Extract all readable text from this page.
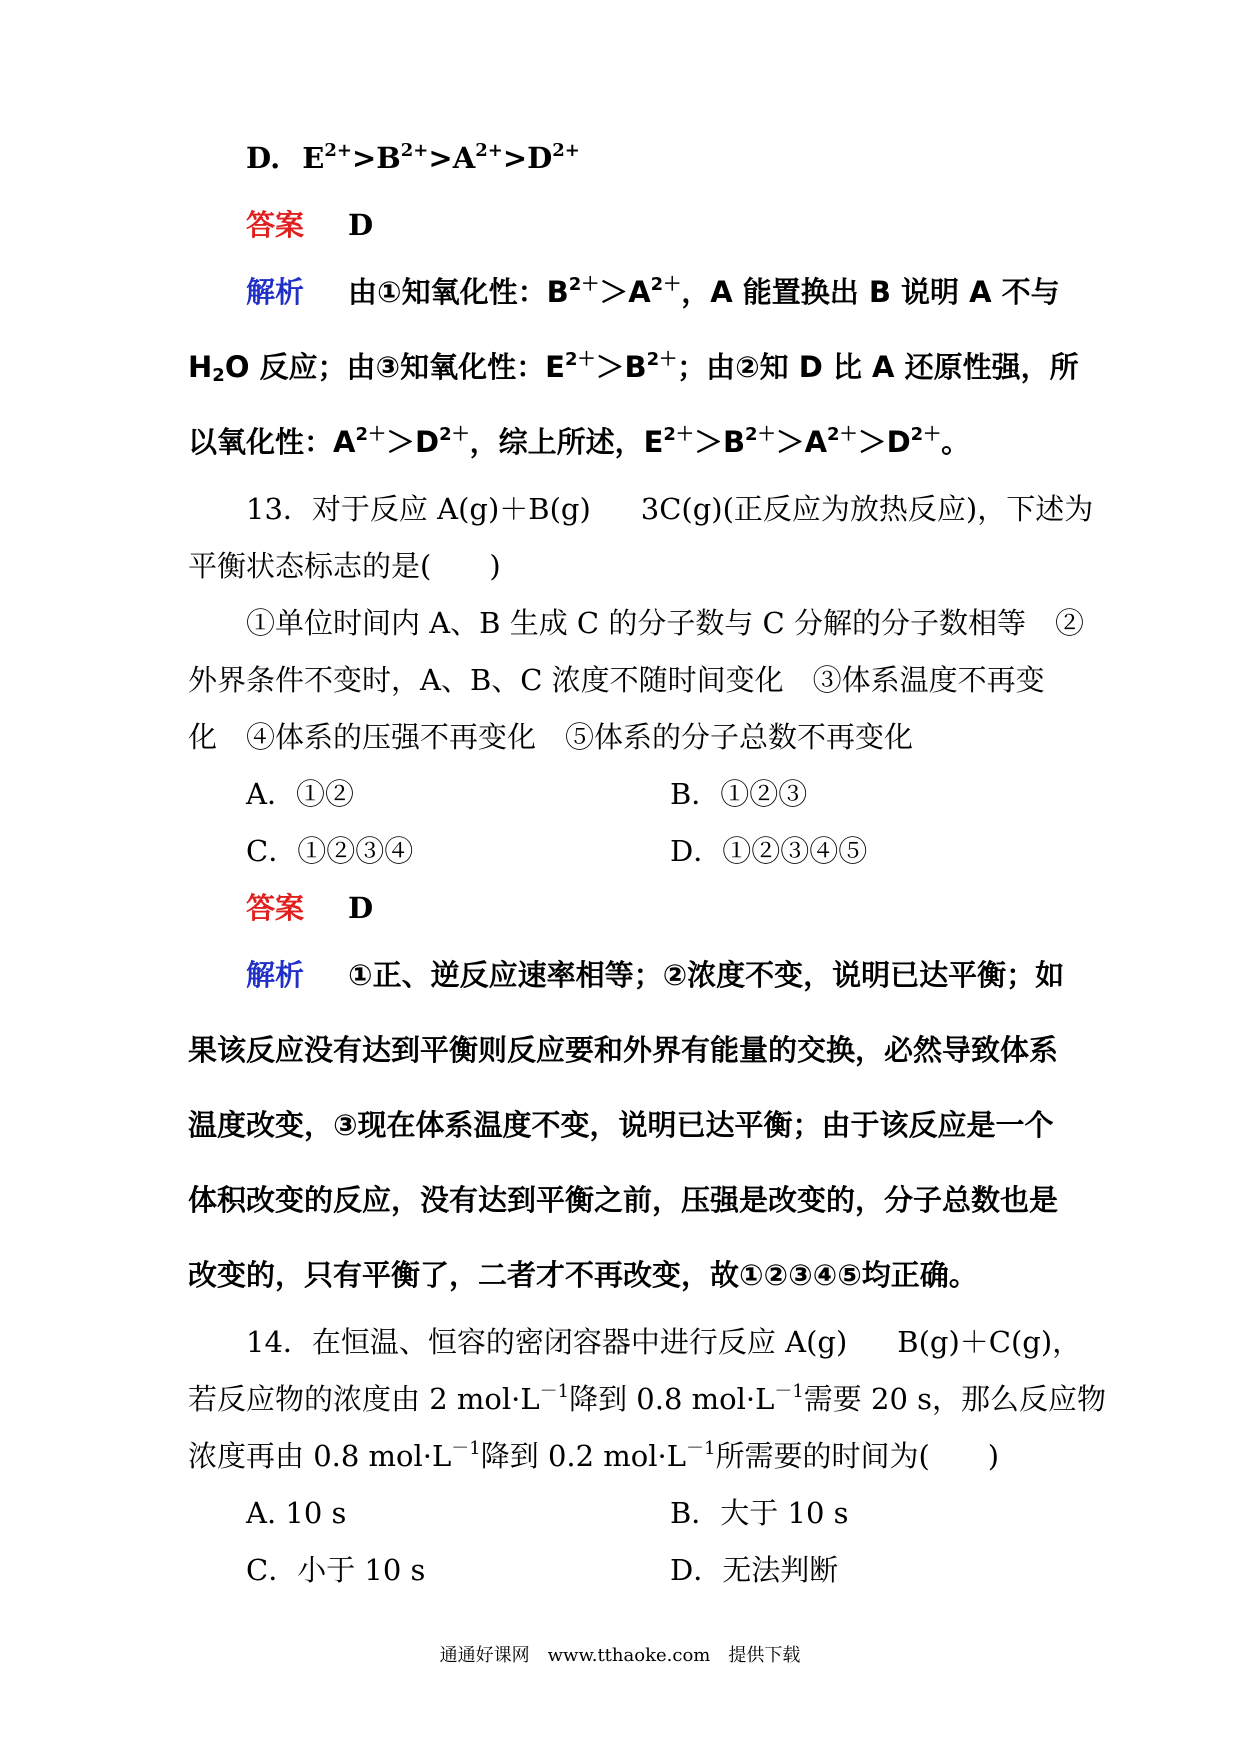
D. $E^{2+}>B^{2+}>A^{2+}>D^{2+}$
答案 D
解析 由①知氧化性：$B^{2+}>A^{2+}$，A 能置换出 B 说明 A 不与
$H_2O$ 反应；由③知氧化性：$E^{2+}>B^{2+}$；由②知 D 比 A 还原性强，所
以氧化性：$A^{2+}>D^{2+}$，综上所述，$E^{2+}>B^{2+}>A^{2+}>D^{2+}$。
13．对于反应 A(g)＋B(g) 3C(g)(正反应为放热反应)，下述为
平衡状态标志的是(　　)
①单位时间内 A、B 生成 C 的分子数与 C 分解的分子数相等　②
外界条件不变时，A、B、C 浓度不随时间变化　③体系温度不再变
化　④体系的压强不再变化　⑤体系的分子总数不再变化
A．①②	B．①②③
C．①②③④	D．①②③④⑤
答案 D
解析 ①正、逆反应速率相等；②浓度不变，说明已达平衡；如
果该反应没有达到平衡则反应要和外界有能量的交换，必然导致体系
温度改变，③现在体系温度不变，说明已达平衡；由于该反应是一个
体积改变的反应，没有达到平衡之前，压强是改变的，分子总数也是
改变的，只有平衡了，二者才不再改变，故①②③④⑤均正确。
14．在恒温、恒容的密闭容器中进行反应 A(g) B(g)＋C(g)，
若反应物的浓度由 2 $mol\cdot L^{-1}$降到 0.8 $mol\cdot L^{-1}$需要 20 s，那么反应物
浓度再由 0.8 $mol\cdot L^{-1}$降到 0.2 $mol\cdot L^{-1}$所需要的时间为(　　)
A. 10 s	B．大于 10 s
C．小于 10 s	D．无法判断
通通好课网　www.tthaoke.com　提供下载
